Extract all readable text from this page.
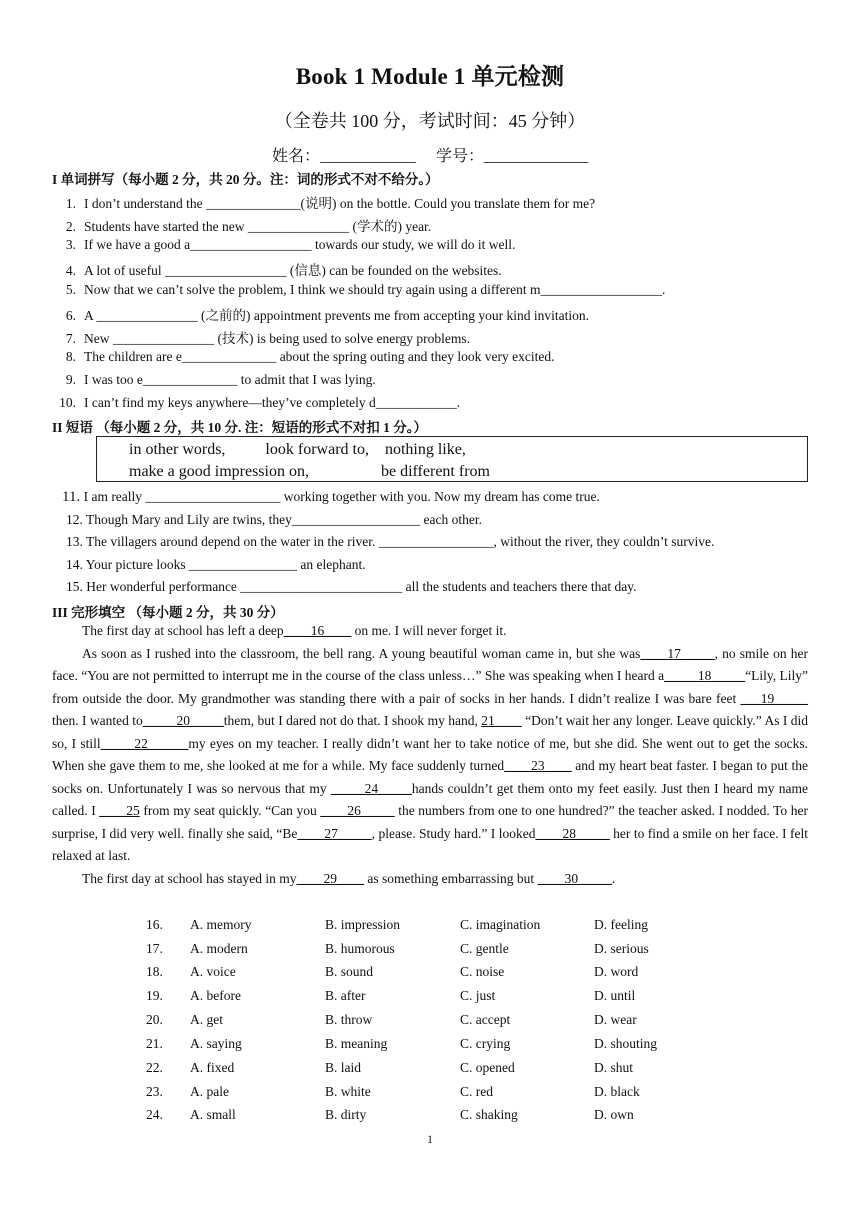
Book 1 Module 1 单元检测
（全卷共 100 分，考试时间：45 分钟）
姓名：____________ 学号：_____________
I 单词拼写（每小题 2 分，共 20 分。注：词的形式不对不给分。）
1. I don’t understand the ______________(说明) on the bottle. Could you translate them for me?
2. Students have started the new _______________ (学术的) year.
3. If we have a good a__________________ towards our study, we will do it well.
4. A lot of useful __________________ (信息) can be founded on the websites.
5. Now that we can’t solve the problem, I think we should try again using a different m__________________.
6. A _______________ (之前的) appointment prevents me from accepting your kind invitation.
7. New _______________ (技术) is being used to solve energy problems.
8. The children are e______________ about the spring outing and they look very excited.
9. I was too e______________ to admit that I was lying.
10. I can’t find my keys anywhere—they’ve completely d____________.
II 短语 （每小题 2 分，共 10 分. 注：短语的形式不对扣 1 分。）
in other words,          look forward to,    nothing like,
make a good impression on,                  be different from
11. I am really ____________________ working together with you. Now my dream has come true.
12. Though Mary and Lily are twins, they___________________ each other.
13. The villagers around depend on the water in the river. _________________, without the river, they couldn’t survive.
14. Your picture looks ________________ an elephant.
15. Her wonderful performance ________________________ all the students and teachers there that day.
III 完形填空 （每小题 2 分，共 30 分）

The first day at school has left a deep____16____ on me. I will never forget it.

As soon as I rushed into the classroom, the bell rang. A young beautiful woman came in, but she was____17_____, no smile on her face. “You are not permitted to interrupt me in the course of the class unless…” She was speaking when I heard a_____18_____“Lily, Lily” from outside the door. My grandmother was standing there with a pair of socks in her hands. I didn’t realize I was bare feet ___19_____ then. I wanted to_____20_____them, but I dared not do that. I shook my hand, 21____ “Don’t wait her any longer. Leave quickly.” As I did so, I still_____22______my eyes on my teacher. I really didn’t want her to take notice of me, but she did. She went out to get the socks. When she gave them to me, she looked at me for a while. My face suddenly turned____23____ and my heart beat faster. I began to put the socks on. Unfortunately I was so nervous that my _____24_____hands couldn’t get them onto my feet easily. Just then I heard my name called. I ____25 from my seat quickly. “Can you ____26_____ the numbers from one to one hundred?” the teacher asked. I nodded. To her surprise, I did very well. finally she said, “Be____27_____, please. Study hard.” I looked____28_____ her to find a smile on her face. I felt relaxed at last.

The first day at school has stayed in my____29____ as something embarrassing but ____30_____.

16. A. memory	B. impression	C. imagination	D. feeling
17. A. modern	B. humorous	C. gentle	D. serious
18. A. voice	B. sound	C. noise	D. word
19. A. before	B. after	C. just	D. until
20. A. get	B. throw	C. accept	D. wear
21. A. saying	B. meaning	C. crying	D. shouting
22. A. fixed	B. laid	C. opened	D. shut
23. A. pale	B. white	C. red	D. black
24. A. small	B. dirty	C. shaking	D. own
1
